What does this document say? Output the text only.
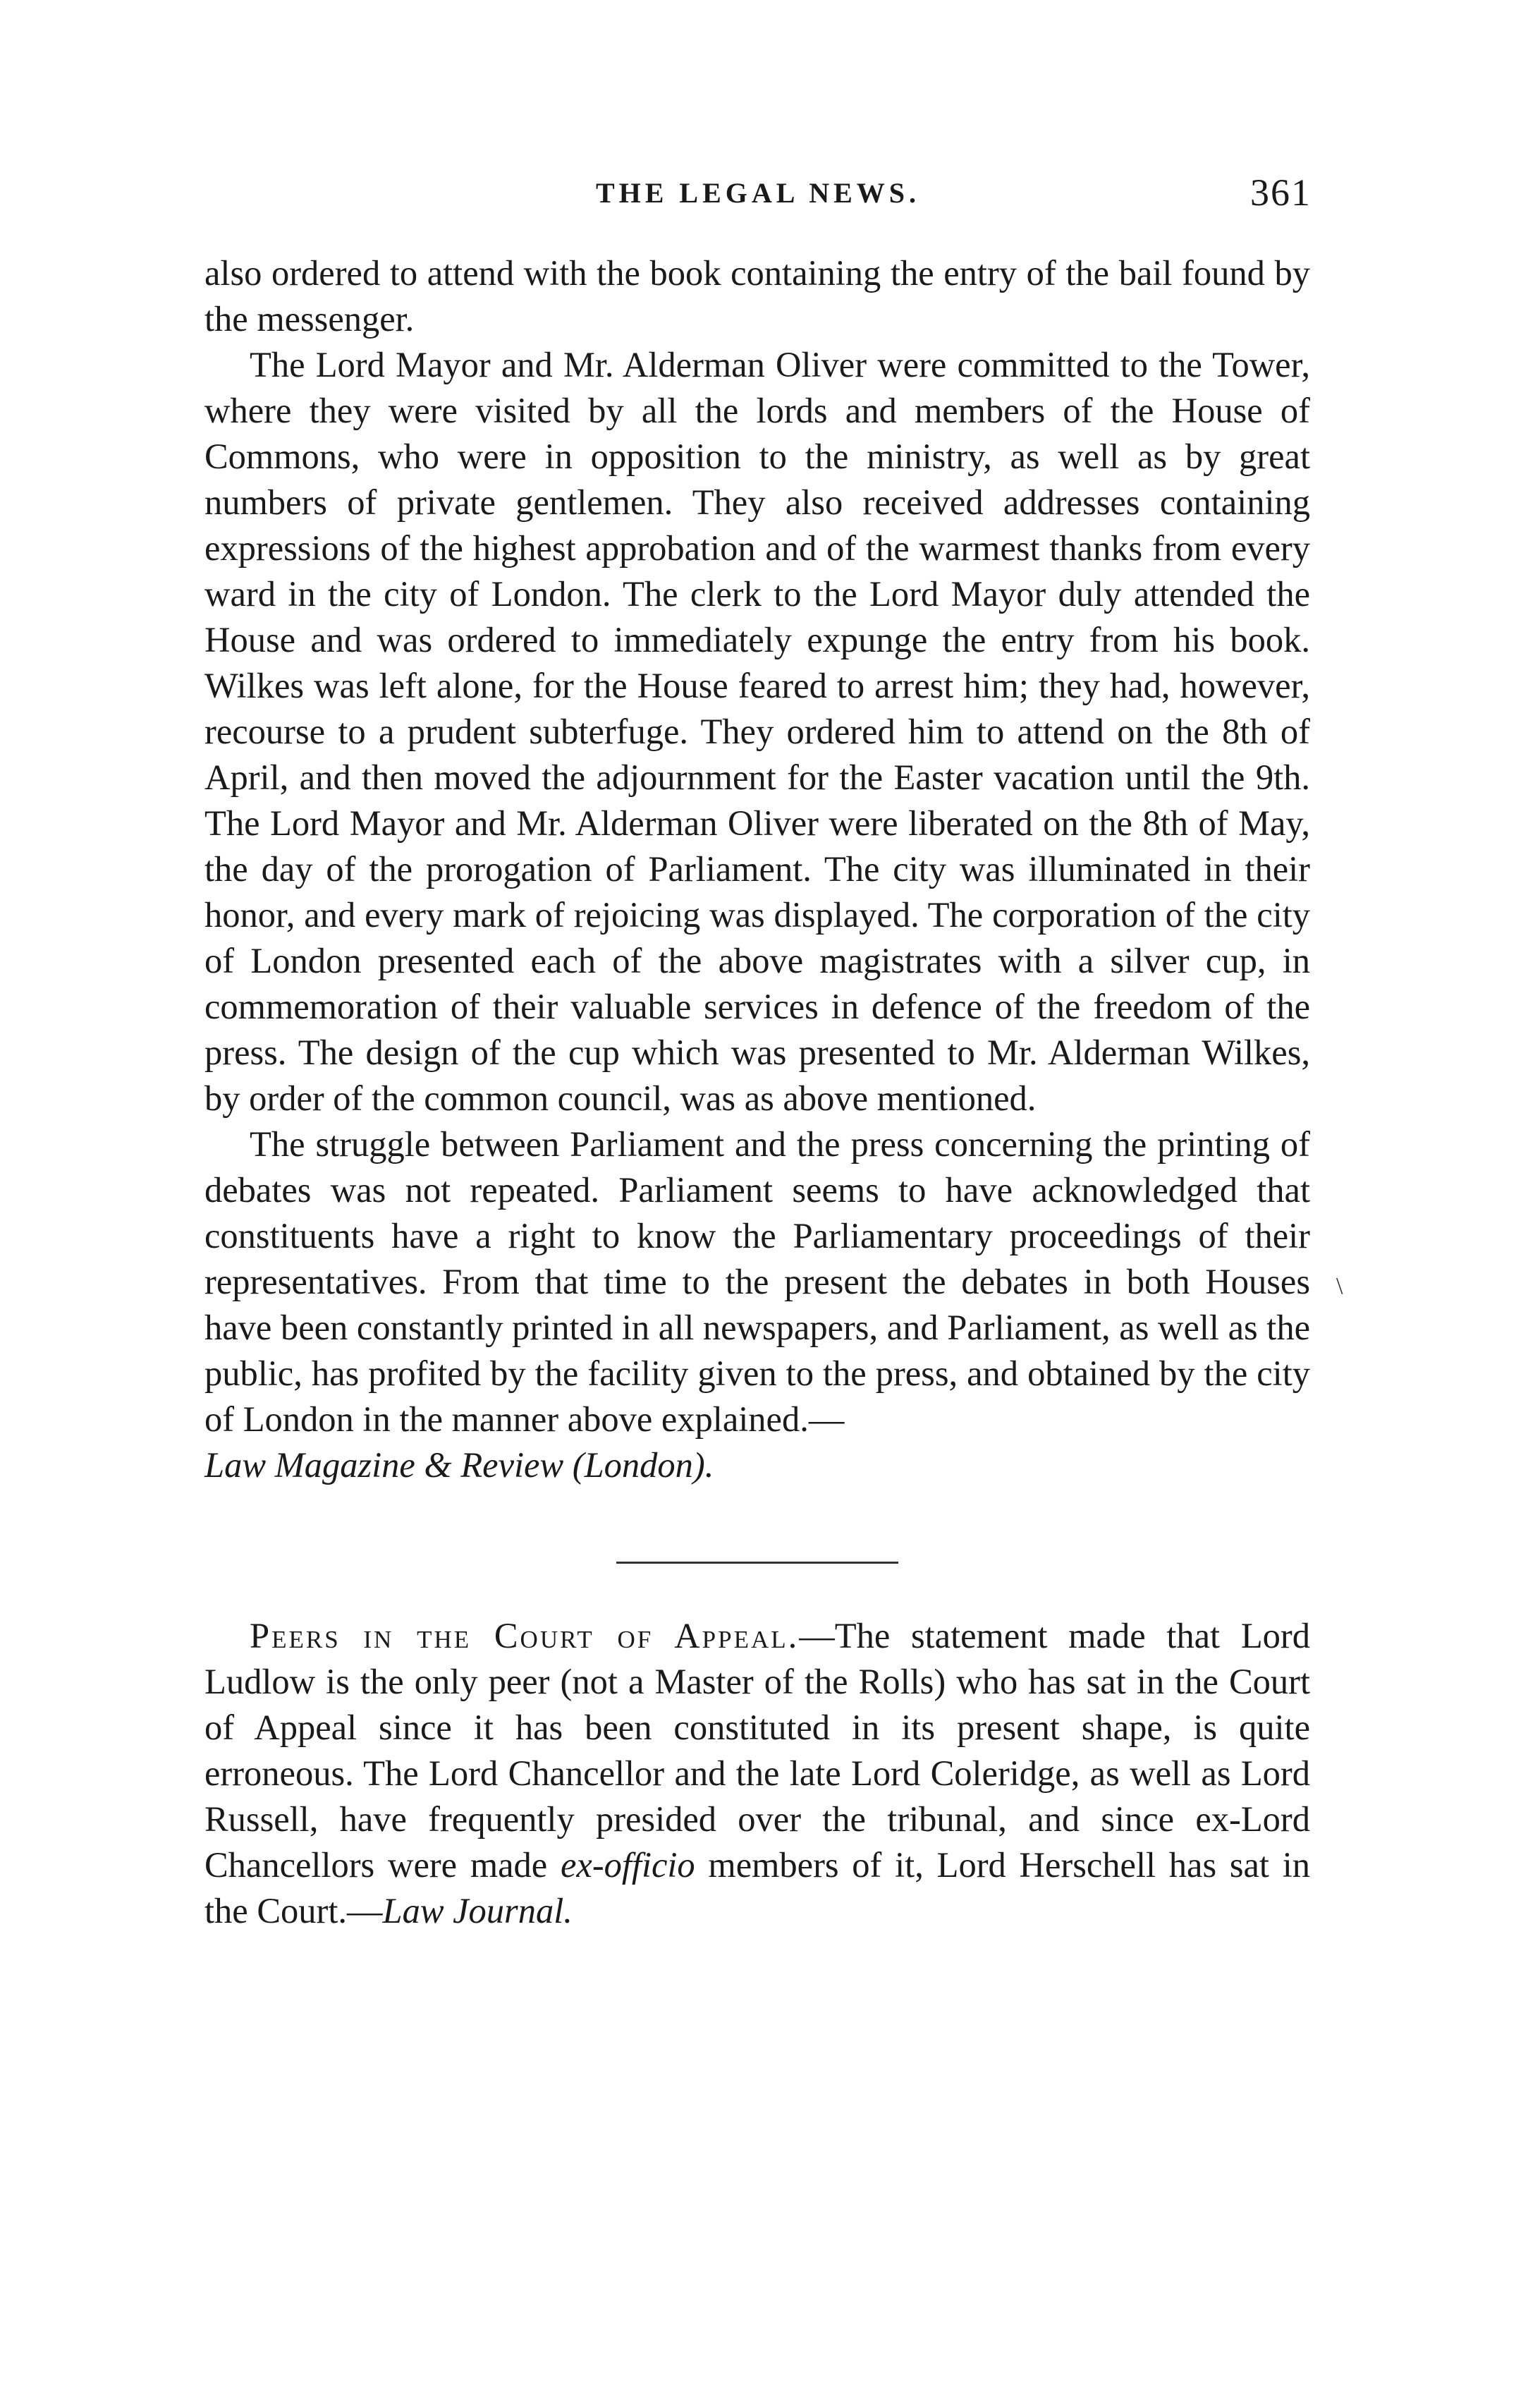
THE LEGAL NEWS.	361

also ordered to attend with the book containing the entry of the bail found by the messenger.

The Lord Mayor and Mr. Alderman Oliver were committed to the Tower, where they were visited by all the lords and members of the House of Commons, who were in opposition to the ministry, as well as by great numbers of private gentlemen. They also received addresses containing expressions of the highest approbation and of the warmest thanks from every ward in the city of London. The clerk to the Lord Mayor duly attended the House and was ordered to immediately expunge the entry from his book. Wilkes was left alone, for the House feared to arrest him; they had, however, recourse to a prudent subterfuge. They ordered him to attend on the 8th of April, and then moved the adjournment for the Easter vacation until the 9th. The Lord Mayor and Mr. Alderman Oliver were liberated on the 8th of May, the day of the prorogation of Parliament. The city was illuminated in their honor, and every mark of rejoicing was displayed. The corporation of the city of London presented each of the above magistrates with a silver cup, in commemoration of their valuable services in defence of the freedom of the press. The design of the cup which was presented to Mr. Alderman Wilkes, by order of the common council, was as above mentioned.

The struggle between Parliament and the press concerning the printing of debates was not repeated. Parliament seems to have acknowledged that constituents have a right to know the Parliamentary proceedings of their representatives. From that time to the present the debates in both Houses have been constantly printed in all newspapers, and Parliament, as well as the public, has profited by the facility given to the press, and obtained by the city of London in the manner above explained.—
Law Magazine & Review (London).

Peers in the Court of Appeal.—The statement made that Lord Ludlow is the only peer (not a Master of the Rolls) who has sat in the Court of Appeal since it has been constituted in its present shape, is quite erroneous. The Lord Chancellor and the late Lord Coleridge, as well as Lord Russell, have frequently presided over the tribunal, and since ex-Lord Chancellors were made ex-officio members of it, Lord Herschell has sat in the Court.—Law Journal.

\
